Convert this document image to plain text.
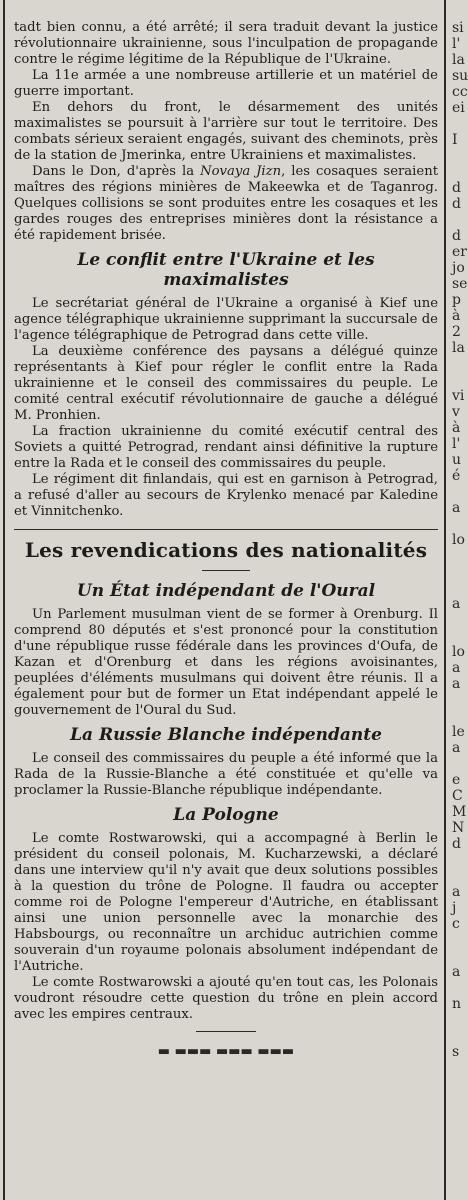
tadt bien connu, a été arrêté; il sera traduit devant la justice révolutionnaire ukrainienne, sous l'inculpation de propagande contre le régime légitime de la République de l'Ukraine.

La 11e armée a une nombreuse artillerie et un matériel de guerre important.

En dehors du front, le désarmement des unités maximalistes se poursuit à l'arrière sur tout le territoire. Des combats sérieux seraient engagés, suivant des cheminots, près de la station de Jmerinka, entre Ukrainiens et maximalistes.

Dans le Don, d'après la Novaya Jizn, les cosaques seraient maîtres des régions minières de Makeewka et de Taganrog. Quelques collisions se sont produites entre les cosaques et les gardes rouges des entreprises minières dont la résistance a été rapidement brisée.

Le conflit entre l'Ukraine et les maximalistes

Le secrétariat général de l'Ukraine a organisé à Kief une agence télégraphique ukrainienne supprimant la succursale de l'agence télégraphique de Petrograd dans cette ville.

La deuxième conférence des paysans a délégué quinze représentants à Kief pour régler le conflit entre la Rada ukrainienne et le conseil des commissaires du peuple. Le comité central exécutif révolutionnaire de gauche a délégué M. Pronhien.

La fraction ukrainienne du comité exécutif central des Soviets a quitté Petrograd, rendant ainsi définitive la rupture entre la Rada et le conseil des commissaires du peuple.

Le régiment dit finlandais, qui est en garnison à Petrograd, a refusé d'aller au secours de Krylenko menacé par Kaledine et Vinnitchenko.

Les revendications des nationalités
Un État indépendant de l'Oural

Un Parlement musulman vient de se former à Orenburg. Il comprend 80 députés et s'est prononcé pour la constitution d'une république russe fédérale dans les provinces d'Oufa, de Kazan et d'Orenburg et dans les régions avoisinantes, peuplées d'éléments musulmans qui doivent être réunis. Il a également pour but de former un Etat indépendant appelé le gouvernement de l'Oural du Sud.

La Russie Blanche indépendante

Le conseil des commissaires du peuple a été informé que la Rada de la Russie-Blanche a été constituée et qu'elle va proclamer la Russie-Blanche république indépendante.

La Pologne

Le comte Rostwarowski, qui a accompagné à Berlin le président du conseil polonais, M. Kucharzewski, a déclaré dans une interview qu'il n'y avait que deux solutions possibles à la question du trône de Pologne. Il faudra ou accepter comme roi de Pologne l'empereur d'Autriche, en établissant ainsi une union personnelle avec la monarchie des Habsbourgs, ou reconnaître un archiduc autrichien comme souverain d'un royaume polonais absolument indépendant de l'Autriche.

Le comte Rostwarowski a ajouté qu'en tout cas, les Polonais voudront résoudre cette question du trône en plein accord avec les empires centraux.

▬ ▬▬▬ ▬▬▬ ▬▬▬
si
l'
la
su
cc
ei
I
d
d
d
er
jo
se
p
à
2
la
vi
v
à
l'
u
é
a
lo
a
lo
a
a
le
a
e
C
M
N
d
a
j
c
a
n
s
